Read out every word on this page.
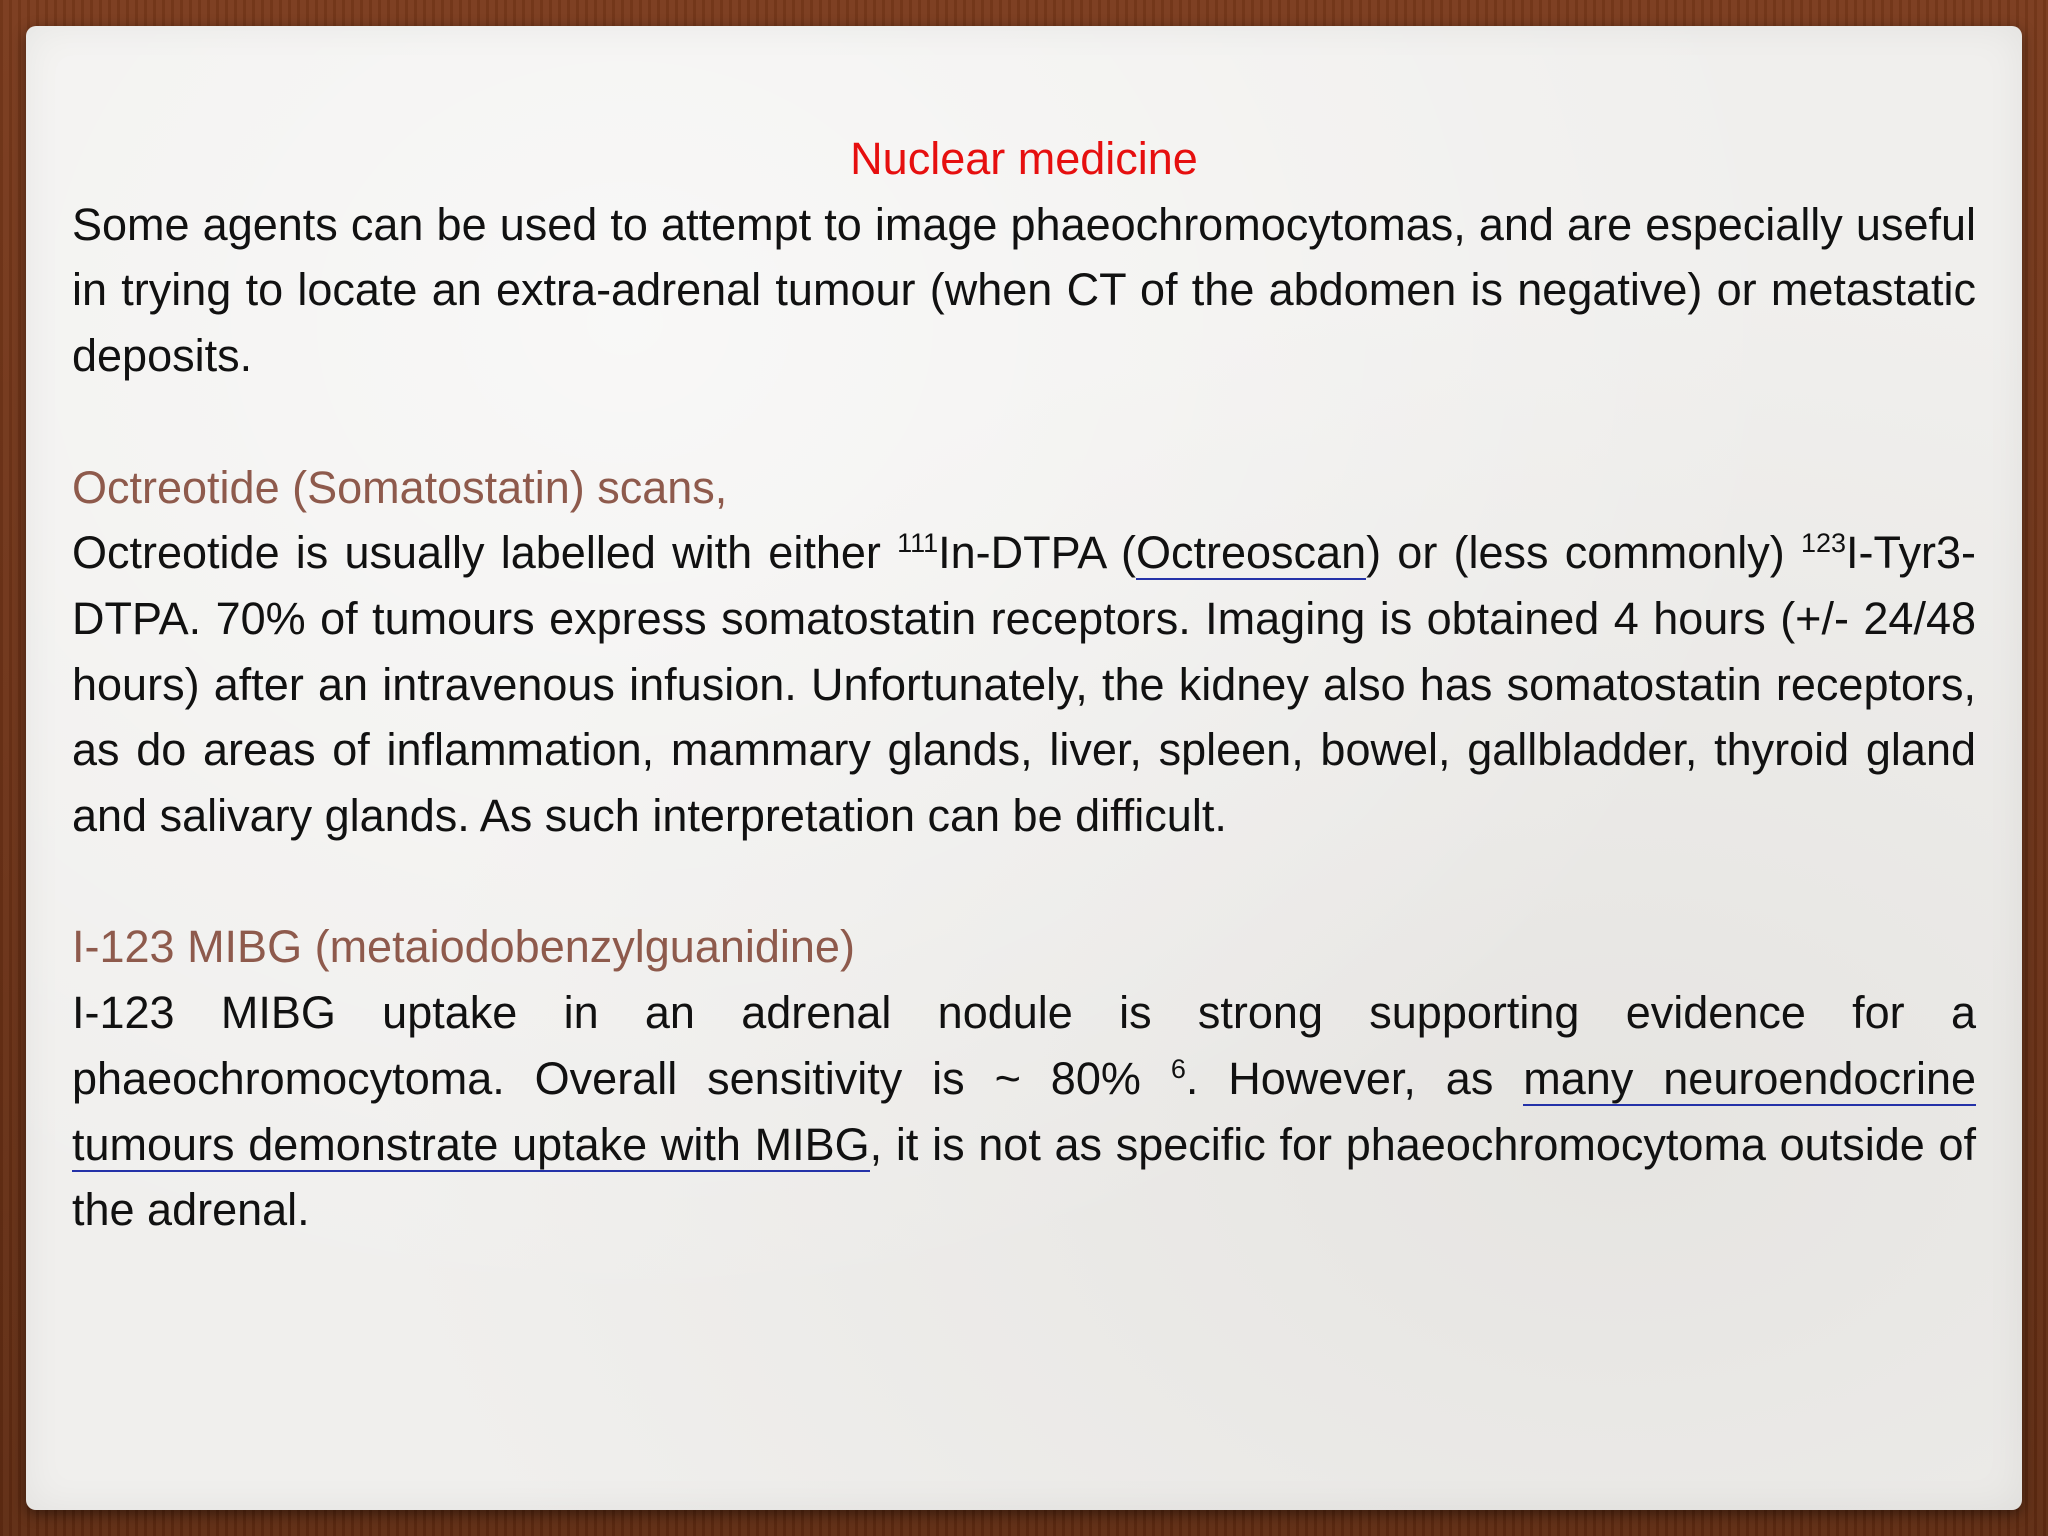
Nuclear medicine

Some agents can be used to attempt to image phaeochromocytomas, and are especially useful in trying to locate an extra-adrenal tumour (when CT of the abdomen is negative) or metastatic deposits.

Octreotide (Somatostatin) scans,

Octreotide is usually labelled with either $^{111}$In-DTPA (Octreoscan) or (less commonly) $^{123}$I-Tyr3-DTPA. 70% of tumours express somatostatin receptors. Imaging is obtained 4 hours (+/- 24/48 hours) after an intravenous infusion. Unfortunately, the kidney also has somatostatin receptors, as do areas of inflammation, mammary glands, liver, spleen, bowel, gallbladder, thyroid gland and salivary glands. As such interpretation can be difficult.

I-123 MIBG (metaiodobenzylguanidine)

I-123 MIBG uptake in an adrenal nodule is strong supporting evidence for a phaeochromocytoma. Overall sensitivity is ~ 80% $^6$. However, as many neuroendocrine tumours demonstrate uptake with MIBG, it is not as specific for phaeochromocytoma outside of the adrenal.
